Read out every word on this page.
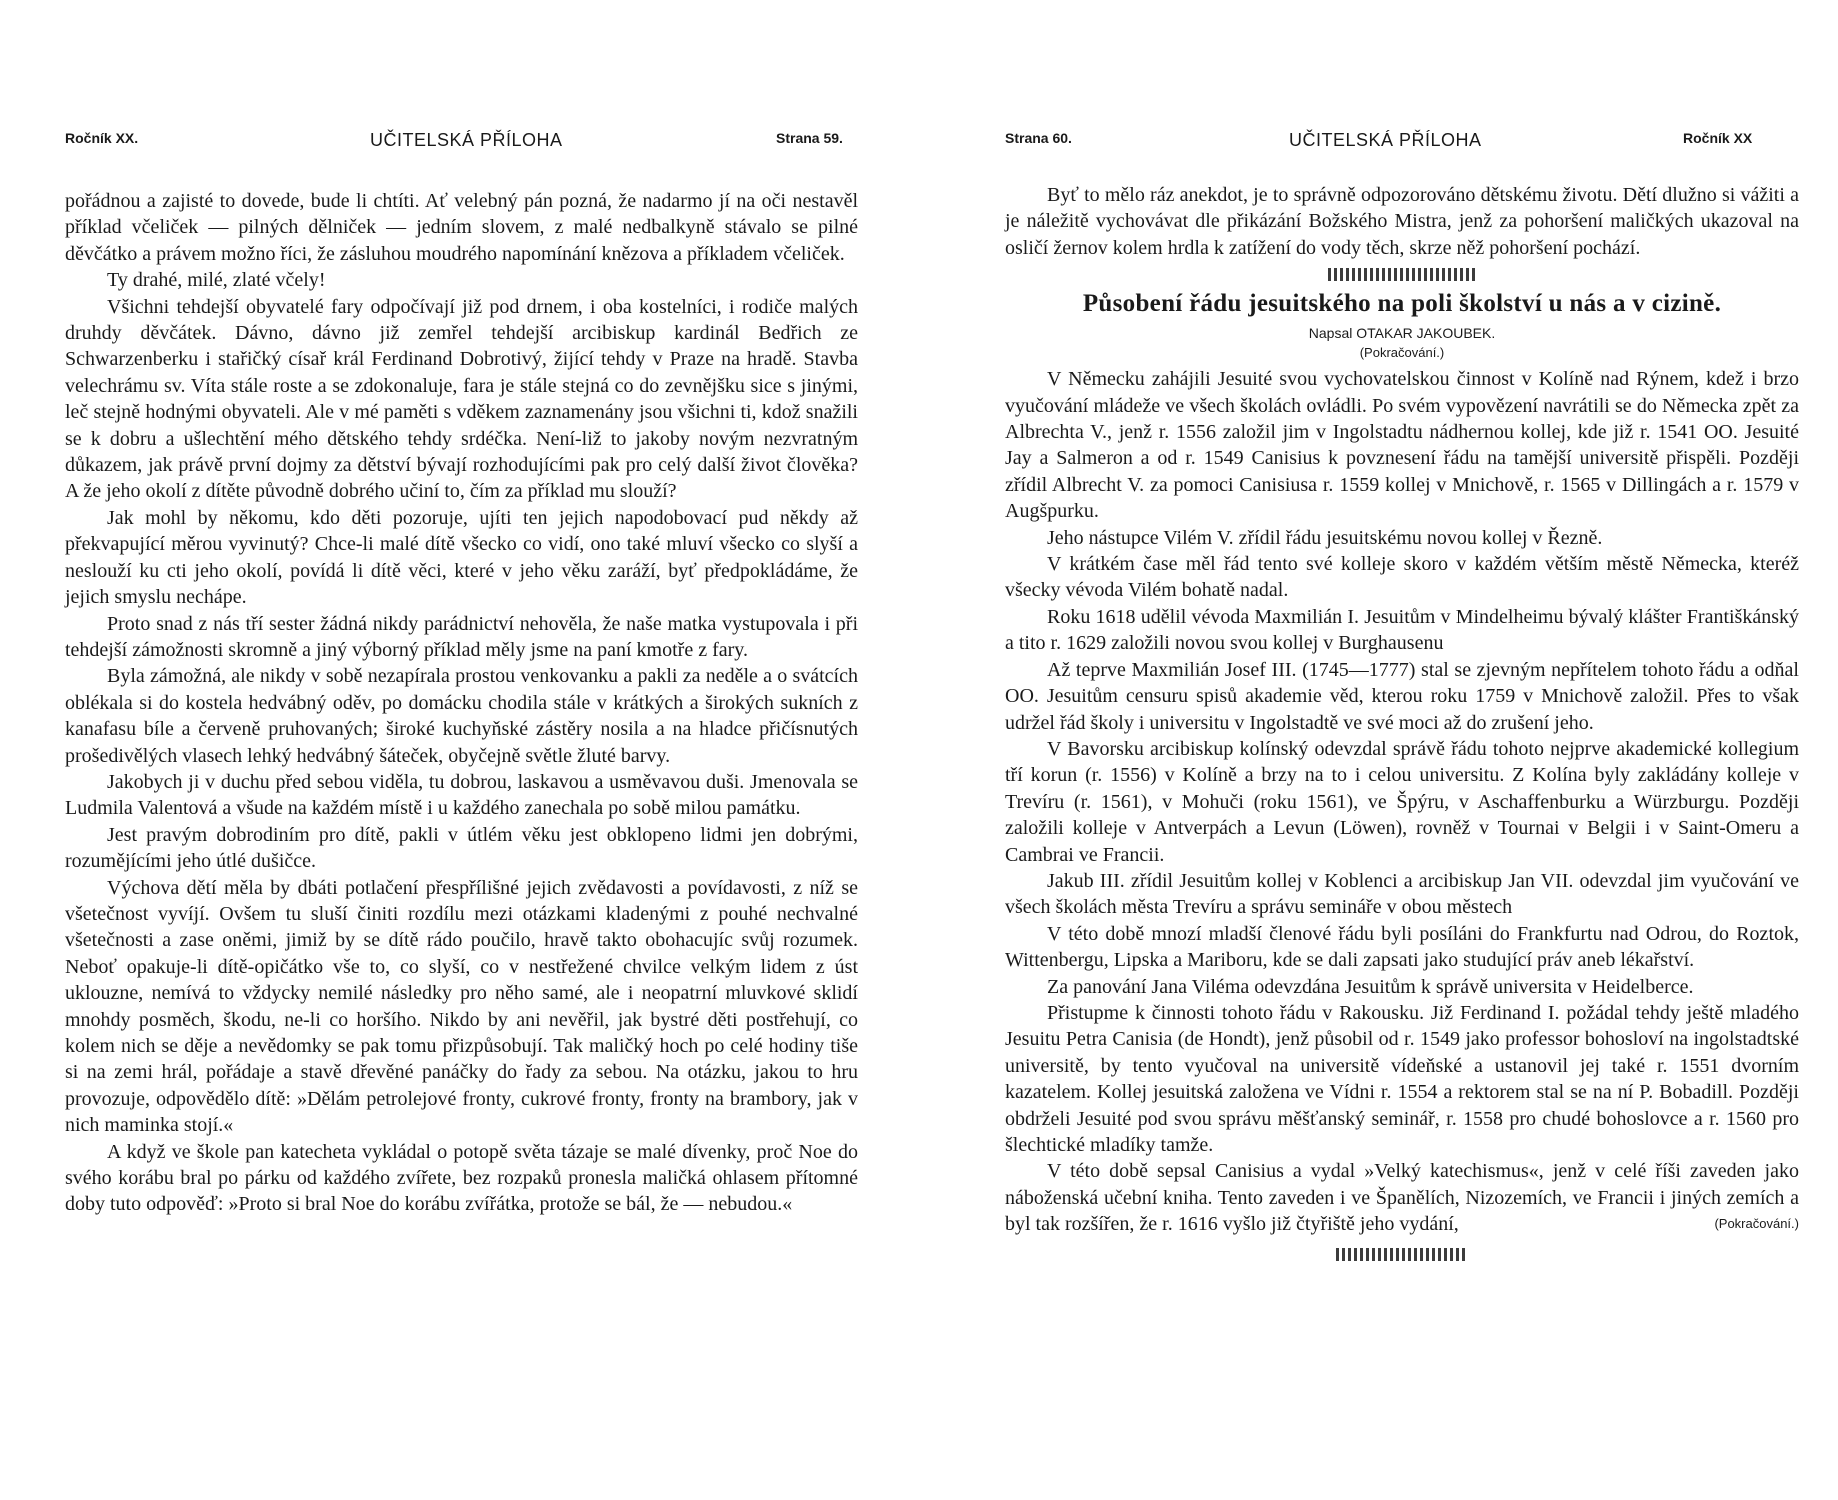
Ročník XX.	UČITELSKÁ PŘÍLOHA	Strana 59.

pořádnou a zajisté to dovede, bude li chtíti. Ať velebný pán pozná, že nadarmo jí na oči nestavěl příklad včeliček — pilných dělniček — jedním slovem, z malé nedbalkyně stávalo se pilné děvčátko a právem možno říci, že zásluhou moudrého napomínání knězova a příkladem včeliček.

Ty drahé, milé, zlaté včely!

Všichni tehdejší obyvatelé fary odpočívají již pod drnem, i oba kostelníci, i rodiče malých druhdy děvčátek. Dávno, dávno již zemřel tehdejší arcibiskup kardinál Bedřich ze Schwarzenberku i stařičký císař král Ferdinand Dobrotivý, žijící tehdy v Praze na hradě. Stavba velechrámu sv. Víta stále roste a se zdokonaluje, fara je stále stejná co do zevnějšku sice s jinými, leč stejně hodnými obyvateli. Ale v mé paměti s vděkem zaznamenány jsou všichni ti, kdož snažili se k dobru a ušlechtění mého dětského tehdy srdéčka. Není-liž to jakoby novým nezvratným důkazem, jak právě první dojmy za dětství bývají rozhodujícími pak pro celý další život člověka? A že jeho okolí z dítěte původně dobrého učiní to, čím za příklad mu slouží?

Jak mohl by někomu, kdo děti pozoruje, ujíti ten jejich napodobovací pud někdy až překvapující měrou vyvinutý? Chce-li malé dítě všecko co vidí, ono také mluví všecko co slyší a neslouží ku cti jeho okolí, povídá li dítě věci, které v jeho věku zaráží, byť předpokládáme, že jejich smyslu nechápe.

Proto snad z nás tří sester žádná nikdy parádnictví nehověla, že naše matka vystupovala i při tehdejší zámožnosti skromně a jiný výborný příklad měly jsme na paní kmotře z fary.

Byla zámožná, ale nikdy v sobě nezapírala prostou venkovanku a pakli za neděle a o svátcích oblékala si do kostela hedvábný oděv, po domácku chodila stále v krátkých a širokých sukních z kanafasu bíle a červeně pruhovaných; široké kuchyňské zástěry nosila a na hladce přičísnutých prošedivělých vlasech lehký hedvábný šáteček, obyčejně světle žluté barvy.

Jakobych ji v duchu před sebou viděla, tu dobrou, laskavou a usměvavou duši. Jmenovala se Ludmila Valentová a všude na každém místě i u každého zanechala po sobě milou památku.

Jest pravým dobrodiním pro dítě, pakli v útlém věku jest obklopeno lidmi jen dobrými, rozumějícími jeho útlé dušičce.

Výchova dětí měla by dbáti potlačení přespřílišné jejich zvědavosti a povídavosti, z níž se všetečnost vyvíjí. Ovšem tu sluší činiti rozdílu mezi otázkami kladenými z pouhé nechvalné všetečnosti a zase oněmi, jimiž by se dítě rádo poučilo, hravě takto obohacujíc svůj rozumek. Neboť opakuje-li dítě-opičátko vše to, co slyší, co v nestřežené chvilce velkým lidem z úst uklouzne, nemívá to vždycky nemilé následky pro něho samé, ale i neopatrní mluvkové sklidí mnohdy posměch, škodu, ne-li co horšího. Nikdo by ani nevěřil, jak bystré děti postřehují, co kolem nich se děje a nevědomky se pak tomu přizpůsobují. Tak maličký hoch po celé hodiny tiše si na zemi hrál, pořádaje a stavě dřevěné panáčky do řady za sebou. Na otázku, jakou to hru provozuje, odpovědělo dítě: »Dělám petrolejové fronty, cukrové fronty, fronty na brambory, jak v nich maminka stojí.«

A když ve škole pan katecheta vykládal o potopě světa tázaje se malé dívenky, proč Noe do svého korábu bral po párku od každého zvířete, bez rozpaků pronesla maličká ohlasem přítomné doby tuto odpověď: »Proto si bral Noe do korábu zvířátka, protože se bál, že — nebudou.«

Strana 60.	UČITELSKÁ PŘÍLOHA	Ročník XX

Byť to mělo ráz anekdot, je to správně odpozorováno dětskému životu. Dětí dlužno si vážiti a je náležitě vychovávat dle přikázání Božského Mistra, jenž za pohoršení maličkých ukazoval na osličí žernov kolem hrdla k zatížení do vody těch, skrze něž pohoršení pochází.

Působení řádu jesuitského na poli školství u nás a v cizině.
Napsal OTAKAR JAKOUBEK.
(Pokračování.)

V Německu zahájili Jesuité svou vychovatelskou činnost v Kolíně nad Rýnem, kdež i brzo vyučování mládeže ve všech školách ovládli. Po svém vypovězení navrátili se do Německa zpět za Albrechta V., jenž r. 1556 založil jim v Ingolstadtu nádhernou kollej, kde již r. 1541 OO. Jesuité Jay a Salmeron a od r. 1549 Canisius k povznesení řádu na tamější universitě přispěli. Později zřídil Albrecht V. za pomoci Canisiusa r. 1559 kollej v Mnichově, r. 1565 v Dillingách a r. 1579 v Augšpurku.

Jeho nástupce Vilém V. zřídil řádu jesuitskému novou kollej v Řezně.

V krátkém čase měl řád tento své kolleje skoro v každém větším městě Německa, kteréž všecky vévoda Vilém bohatě nadal.

Roku 1618 udělil vévoda Maxmilián I. Jesuitům v Mindelheimu bývalý klášter Františkánský a tito r. 1629 založili novou svou kollej v Burghausenu

Až teprve Maxmilián Josef III. (1745—1777) stal se zjevným nepřítelem tohoto řádu a odňal OO. Jesuitům censuru spisů akademie věd, kterou roku 1759 v Mnichově založil. Přes to však udržel řád školy i universitu v Ingolstadtě ve své moci až do zrušení jeho.

V Bavorsku arcibiskup kolínský odevzdal správě řádu tohoto nejprve akademické kollegium tří korun (r. 1556) v Kolíně a brzy na to i celou universitu. Z Kolína byly zakládány kolleje v Trevíru (r. 1561), v Mohuči (roku 1561), ve Špýru, v Aschaffenburku a Würzburgu. Později založili kolleje v Antverpách a Levun (Löwen), rovněž v Tournai v Belgii i v Saint-Omeru a Cambrai ve Francii.

Jakub III. zřídil Jesuitům kollej v Koblenci a arcibiskup Jan VII. odevzdal jim vyučování ve všech školách města Trevíru a správu semináře v obou městech

V této době mnozí mladší členové řádu byli posíláni do Frankfurtu nad Odrou, do Roztok, Wittenbergu, Lipska a Mariboru, kde se dali zapsati jako studující práv aneb lékařství.

Za panování Jana Viléma odevzdána Jesuitům k správě universita v Heidelberce.

Přistupme k činnosti tohoto řádu v Rakousku. Již Ferdinand I. požádal tehdy ještě mladého Jesuitu Petra Canisia (de Hondt), jenž působil od r. 1549 jako professor bohosloví na ingolstadtské universitě, by tento vyučoval na universitě vídeňské a ustanovil jej také r. 1551 dvorním kazatelem. Kollej jesuitská založena ve Vídni r. 1554 a rektorem stal se na ní P. Bobadill. Později obdrželi Jesuité pod svou správu měšťanský seminář, r. 1558 pro chudé bohoslovce a r. 1560 pro šlechtické mladíky tamže.

V této době sepsal Canisius a vydal »Velký katechismus«, jenž v celé říši zaveden jako náboženská učební kniha. Tento zaveden i ve Španělích, Nizozemích, ve Francii i jiných zemích a byl tak rozšířen, že r. 1616 vyšlo již čtyřiště jeho vydání,	(Pokračování.)
